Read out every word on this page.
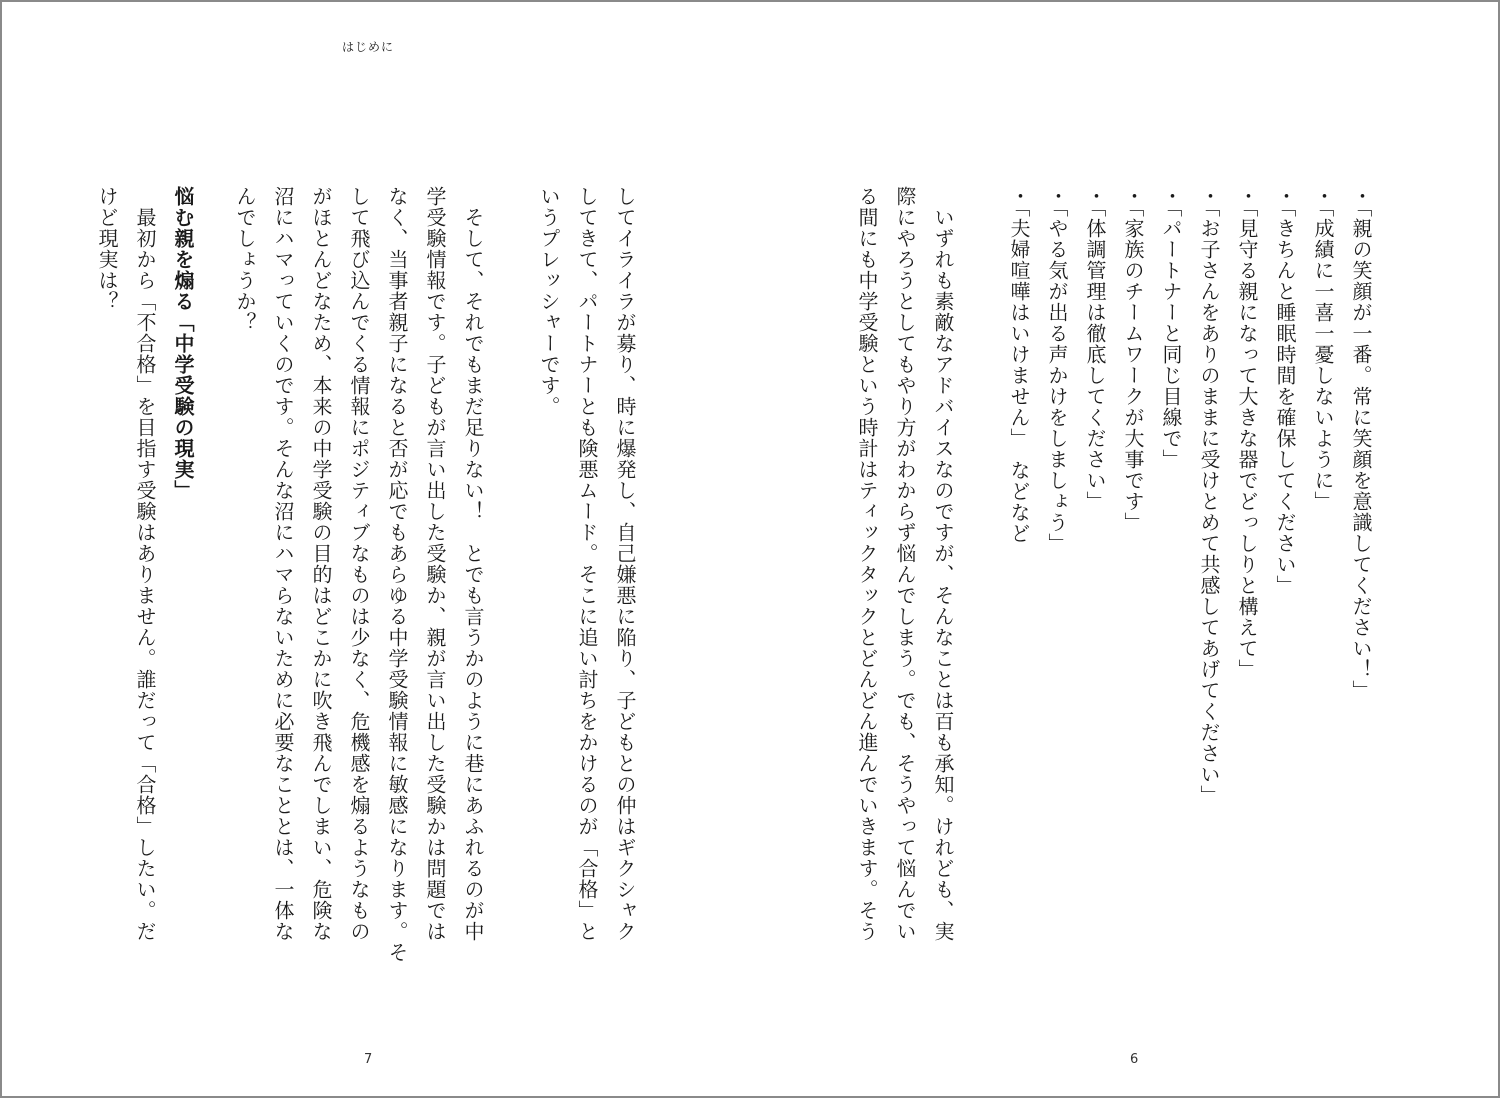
はじめに
7	6
・「親の笑顔が一番。常に笑顔を意識してください！」
・「成績に一喜一憂しないように」
・「きちんと睡眠時間を確保してください」
・「見守る親になって大きな器でどっしりと構えて」
・「お子さんをありのままに受けとめて共感してあげてください」
・「パートナーと同じ目線で」
・「家族のチームワークが大事です」
・「体調管理は徹底してください」
・「やる気が出る声かけをしましょう」
・「夫婦喧嘩はいけません」　などなど
　いずれも素敵なアドバイスなのですが、そんなことは百も承知。けれども、実
際にやろうとしてもやり方がわからず悩んでしまう。でも、そうやって悩んでい
る間にも中学受験という時計はティックタックとどんどん進んでいきます。そう
してイライラが募り、時に爆発し、自己嫌悪に陥り、子どもとの仲はギクシャク
してきて、パートナーとも険悪ムード。そこに追い討ちをかけるのが「合格」と
いうプレッシャーです。
　そして、それでもまだ足りない！　とでも言うかのように巷にあふれるのが中
学受験情報です。子どもが言い出した受験か、親が言い出した受験かは問題では
なく、当事者親子になると否が応でもあらゆる中学受験情報に敏感になります。そ
して飛び込んでくる情報にポジティブなものは少なく、危機感を煽るようなもの
がほとんどなため、本来の中学受験の目的はどこかに吹き飛んでしまい、危険な
沼にハマっていくのです。そんな沼にハマらないために必要なこととは、一体な
んでしょうか？
悩む親を煽る「中学受験の現実」
　最初から「不合格」を目指す受験はありません。誰だって「合格」したい。だ
けど現実は？
